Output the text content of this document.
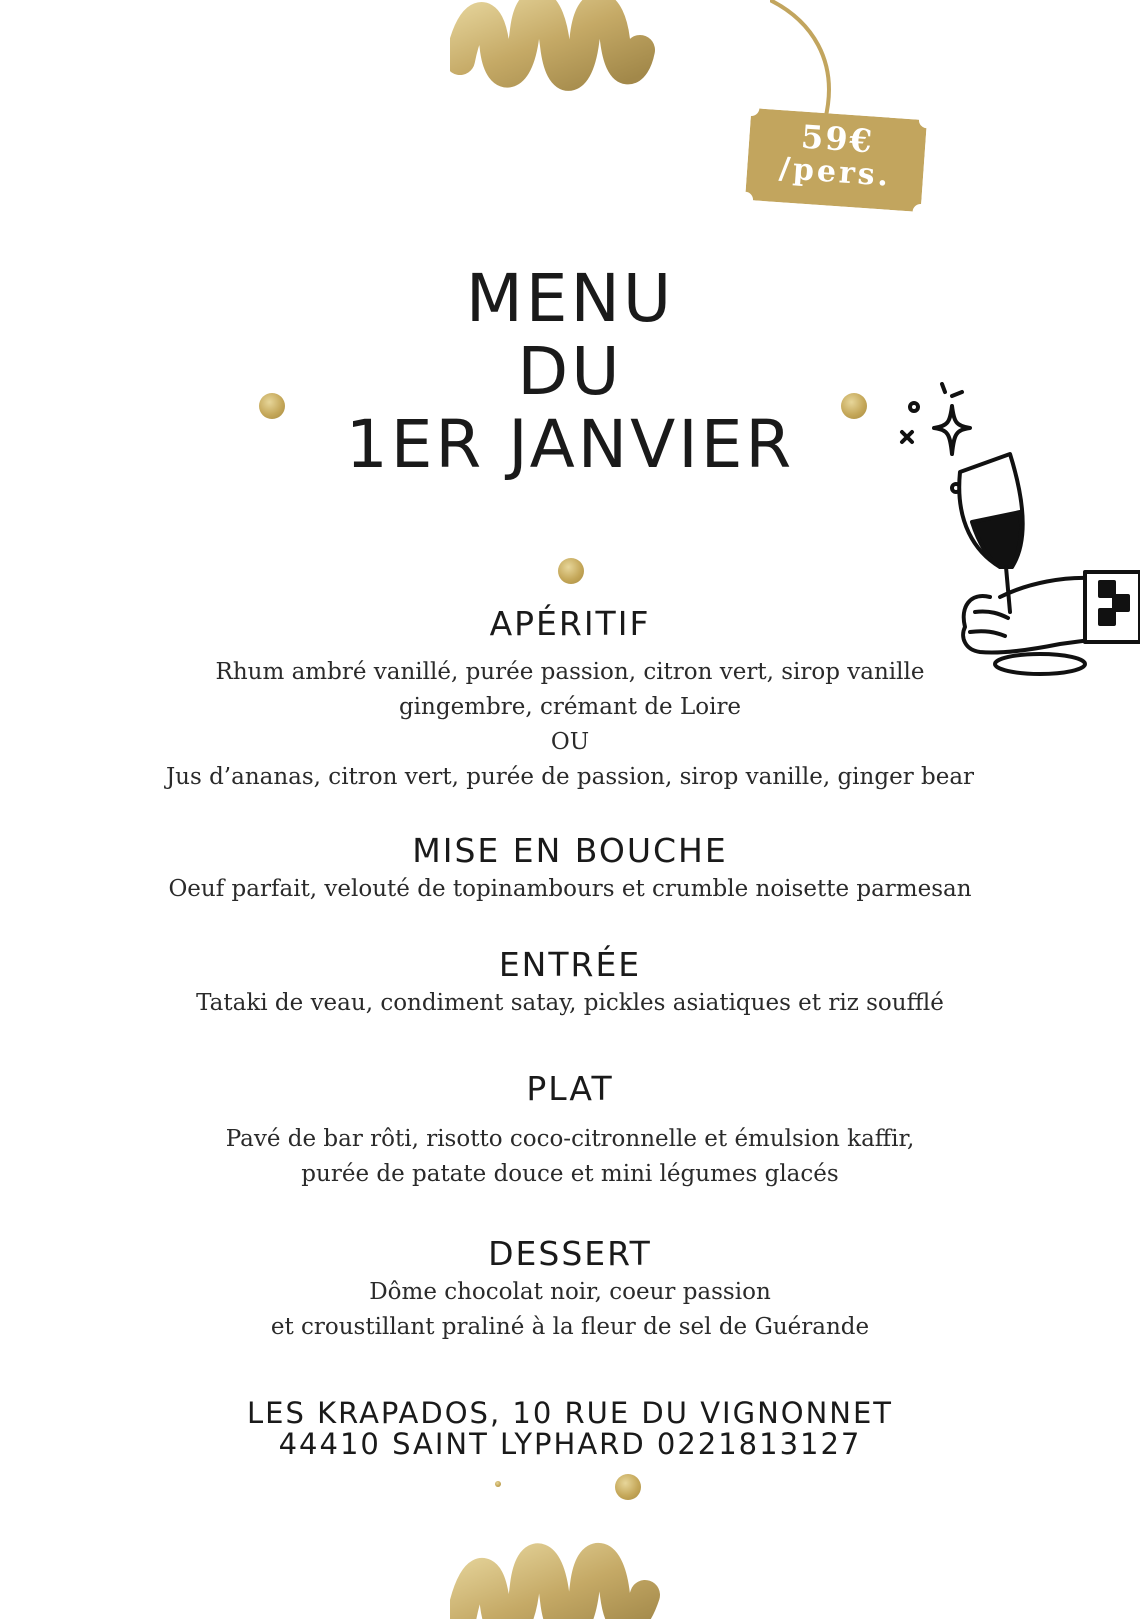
59€
/pers.
MENU
DU
1ER JANVIER
APÉRITIF
Rhum ambré vanillé, purée passion, citron vert, sirop vanille
gingembre, crémant de Loire
OU
Jus d’ananas, citron vert, purée de passion, sirop vanille, ginger bear
MISE EN BOUCHE
Oeuf parfait, velouté de topinambours et crumble noisette parmesan
ENTRÉE
Tataki de veau, condiment satay, pickles asiatiques et riz soufflé
PLAT
Pavé de bar rôti, risotto coco-citronnelle et émulsion kaffir,
purée de patate douce et mini légumes glacés
DESSERT
Dôme chocolat noir, coeur passion
et croustillant praliné à la fleur de sel de Guérande
LES KRAPADOS, 10 RUE DU VIGNONNET
44410 SAINT LYPHARD 0221813127
